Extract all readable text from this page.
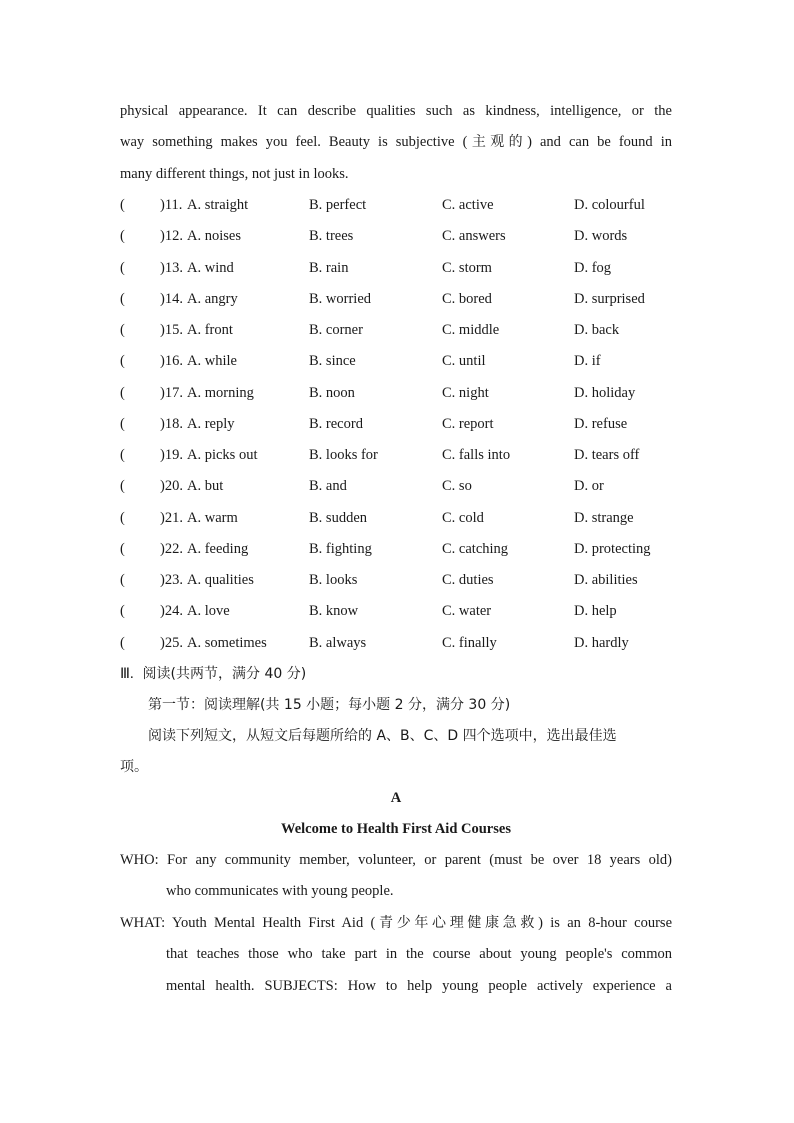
physical appearance. It can describe qualities such as kindness, intelligence, or the
way something makes you feel. Beauty is subjective (主观的) and can be found in
many different things, not just in looks.
( )11. A. straight	B. perfect	C. active	D. colourful
( )12. A. noises	B. trees	C. answers	D. words
( )13. A. wind	B. rain	C. storm	D. fog
( )14. A. angry	B. worried	C. bored	D. surprised
( )15. A. front	B. corner	C. middle	D. back
( )16. A. while	B. since	C. until	D. if
( )17. A. morning	B. noon	C. night	D. holiday
( )18. A. reply	B. record	C. report	D. refuse
( )19. A. picks out	B. looks for	C. falls into	D. tears off
( )20. A. but	B. and	C. so	D. or
( )21. A. warm	B. sudden	C. cold	D. strange
( )22. A. feeding	B. fighting	C. catching	D. protecting
( )23. A. qualities	B. looks	C. duties	D. abilities
( )24. A. love	B. know	C. water	D. help
( )25. A. sometimes	B. always	C. finally	D. hardly
Ⅲ. 阅读(共两节，满分 40 分)
第一节：阅读理解(共 15 小题；每小题 2 分，满分 30 分)
阅读下列短文，从短文后每题所给的 A、B、C、D 四个选项中，选出最佳选
项。
A
Welcome to Health First Aid Courses
WHO: For any community member, volunteer, or parent (must be over 18 years old)
who communicates with young people.
WHAT: Youth Mental Health First Aid (青少年心理健康急救) is an 8-hour course
that teaches those who take part in the course about young people's common
mental health. SUBJECTS: How to help young people actively experience a
